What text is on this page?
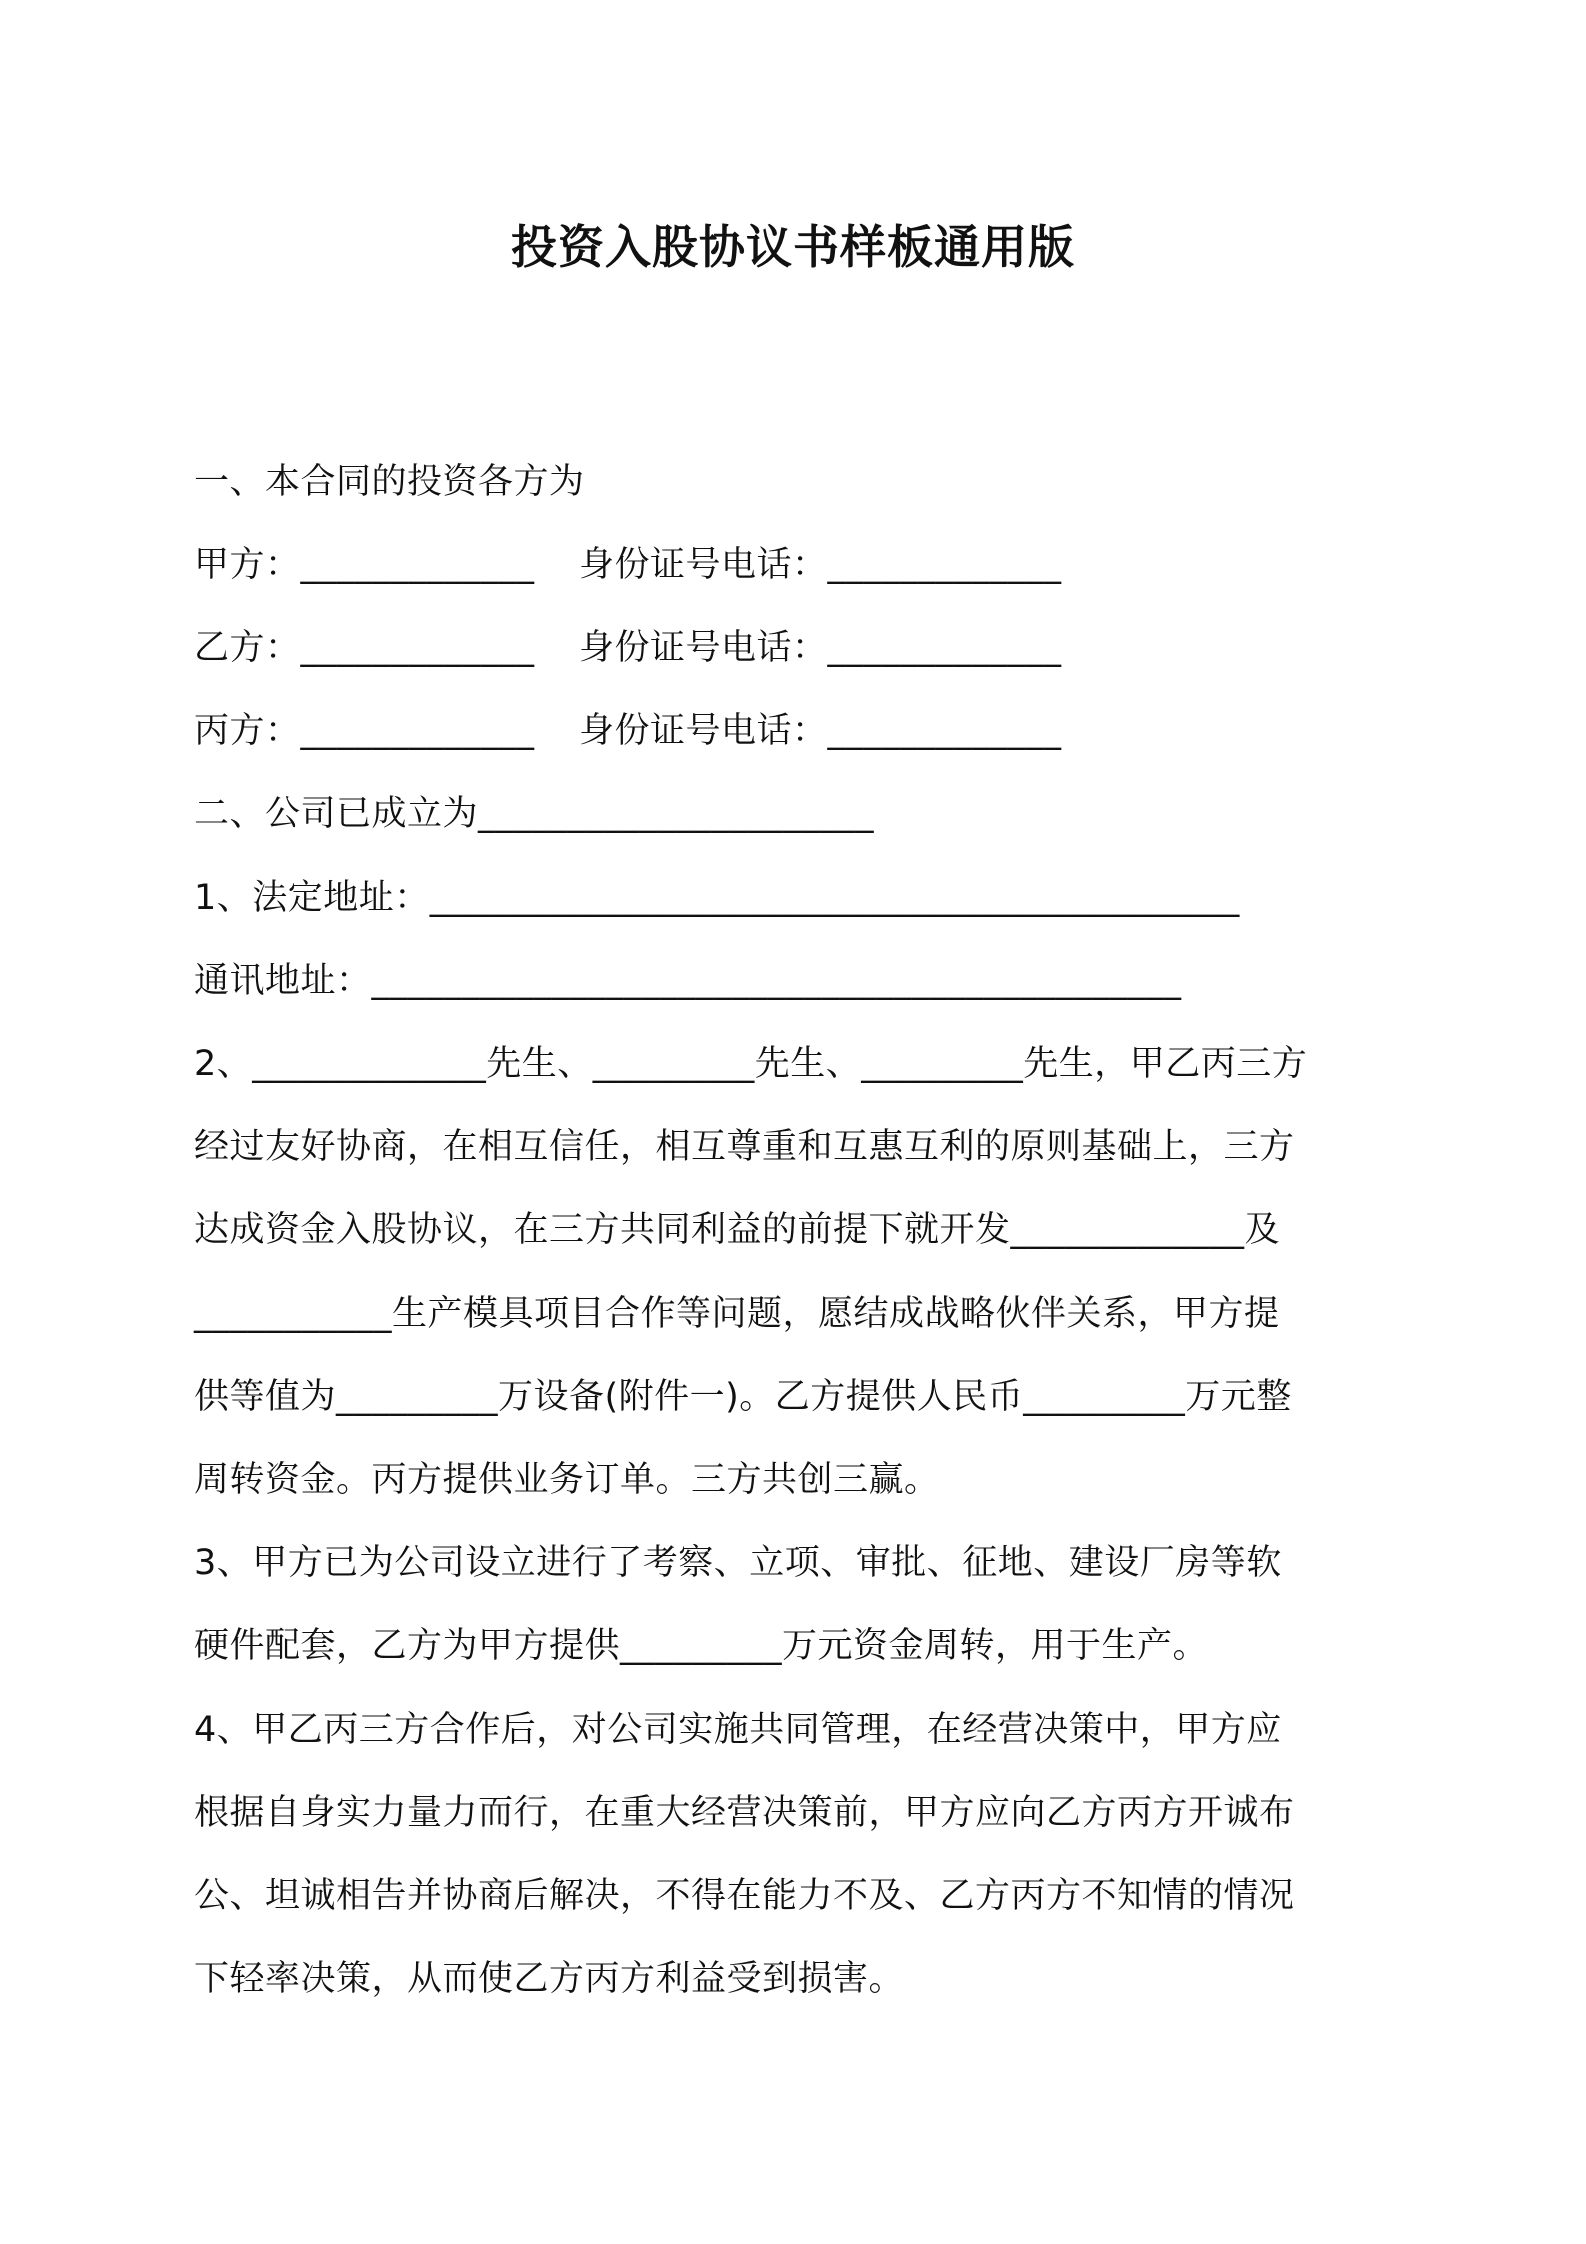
投资入股协议书样板通用版
一、本合同的投资各方为
甲方：_____________ 身份证号电话：_____________
乙方：_____________ 身份证号电话：_____________
丙方：_____________ 身份证号电话：_____________
二、公司已成立为______________________
1、法定地址：_____________________________________________
通讯地址：_____________________________________________
2、_____________先生、_________先生、_________先生，甲乙丙三方
经过友好协商，在相互信任，相互尊重和互惠互利的原则基础上，三方
达成资金入股协议，在三方共同利益的前提下就开发_____________及
___________生产模具项目合作等问题，愿结成战略伙伴关系，甲方提
供等值为_________万设备(附件一)。乙方提供人民币_________万元整
周转资金。丙方提供业务订单。三方共创三赢。
3、甲方已为公司设立进行了考察、立项、审批、征地、建设厂房等软
硬件配套，乙方为甲方提供_________万元资金周转，用于生产。
4、甲乙丙三方合作后，对公司实施共同管理，在经营决策中，甲方应
根据自身实力量力而行，在重大经营决策前，甲方应向乙方丙方开诚布
公、坦诚相告并协商后解决，不得在能力不及、乙方丙方不知情的情况
下轻率决策，从而使乙方丙方利益受到损害。
